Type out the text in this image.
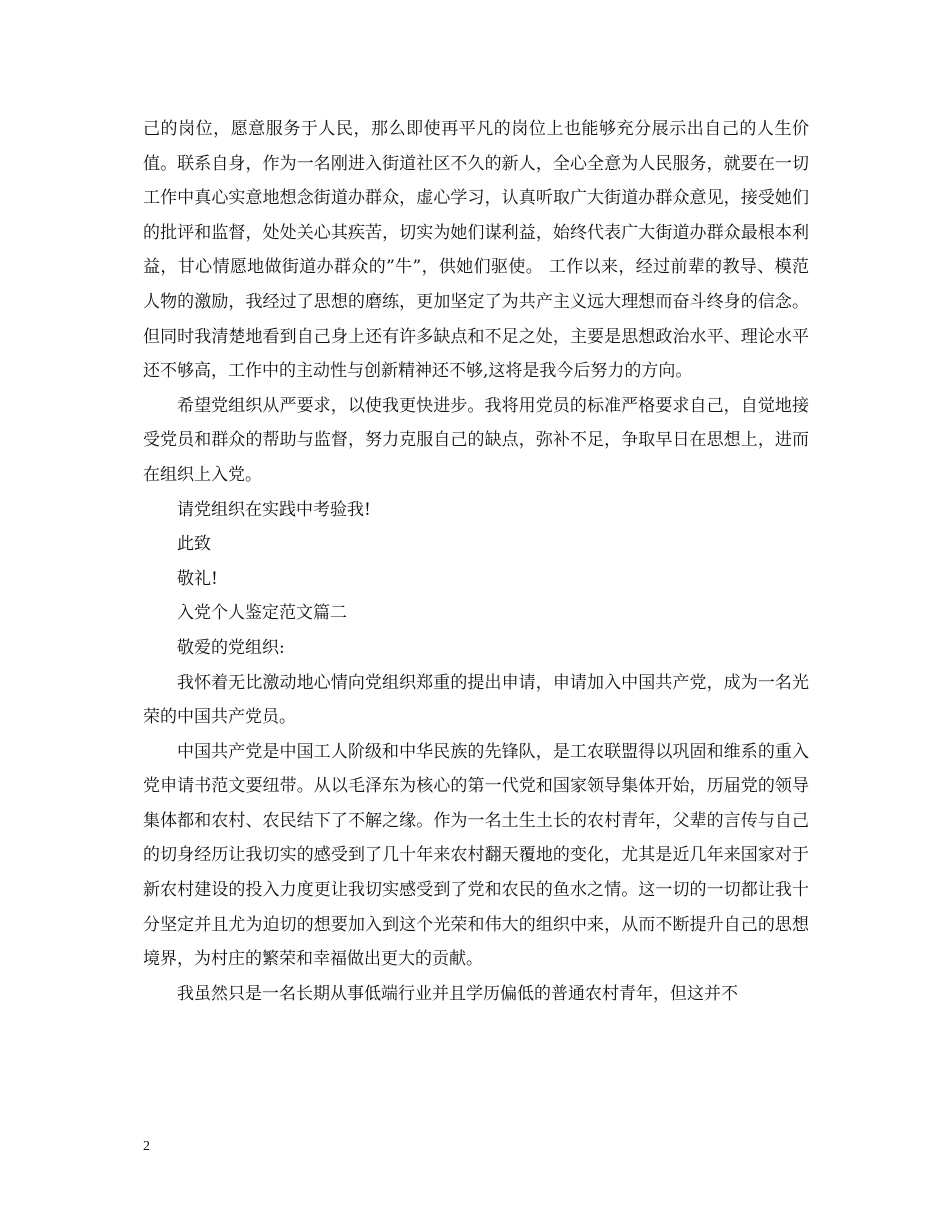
己的岗位，愿意服务于人民，那么即使再平凡的岗位上也能够充分展示出自己的人生价值。联系自身，作为一名刚进入街道社区不久的新人，全心全意为人民服务，就要在一切工作中真心实意地想念街道办群众，虚心学习，认真听取广大街道办群众意见，接受她们的批评和监督，处处关心其疾苦，切实为她们谋利益，始终代表广大街道办群众最根本利益，甘心情愿地做街道办群众的”牛”，供她们驱使。 工作以来，经过前辈的教导、模范人物的激励，我经过了思想的磨练，更加坚定了为共产主义远大理想而奋斗终身的信念。但同时我清楚地看到自己身上还有许多缺点和不足之处，主要是思想政治水平、理论水平还不够高，工作中的主动性与创新精神还不够,这将是我今后努力的方向。

希望党组织从严要求，以使我更快进步。我将用党员的标准严格要求自己，自觉地接受党员和群众的帮助与监督，努力克服自己的缺点，弥补不足，争取早日在思想上，进而在组织上入党。

请党组织在实践中考验我!

此致

敬礼!

入党个人鉴定范文篇二

敬爱的党组织:

我怀着无比激动地心情向党组织郑重的提出申请，申请加入中国共产党，成为一名光荣的中国共产党员。

中国共产党是中国工人阶级和中华民族的先锋队，是工农联盟得以巩固和维系的重入党申请书范文要纽带。从以毛泽东为核心的第一代党和国家领导集体开始，历届党的领导集体都和农村、农民结下了不解之缘。作为一名土生土长的农村青年，父辈的言传与自己的切身经历让我切实的感受到了几十年来农村翻天覆地的变化，尤其是近几年来国家对于新农村建设的投入力度更让我切实感受到了党和农民的鱼水之情。这一切的一切都让我十分坚定并且尤为迫切的想要加入到这个光荣和伟大的组织中来，从而不断提升自己的思想境界，为村庄的繁荣和幸福做出更大的贡献。

我虽然只是一名长期从事低端行业并且学历偏低的普通农村青年，但这并不

2
